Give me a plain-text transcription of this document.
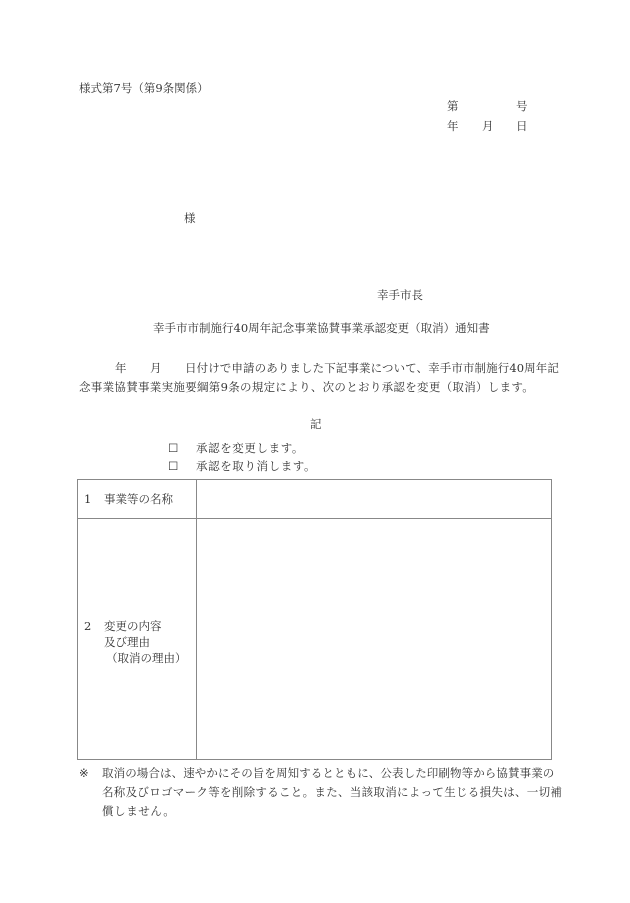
様式第7号（第9条関係）
第	号
年 月 日
様
幸手市長
幸手市市制施行40周年記念事業協賛事業承認変更（取消）通知書
年 月 日付けで申請のありました下記事業について、幸手市市制施行40周年記
念事業協賛事業実施要綱第9条の規定により、次のとおり承認を変更（取消）します。
記
☐ 承認を変更します。
☐ 承認を取り消します。
1 事業等の名称
2 変更の内容
及び理由
（取消の理由）
※ 取消の場合は、速やかにその旨を周知するとともに、公表した印刷物等から協賛事業の
名称及びロゴマーク等を削除すること。また、当該取消によって生じる損失は、一切補
償しません。
